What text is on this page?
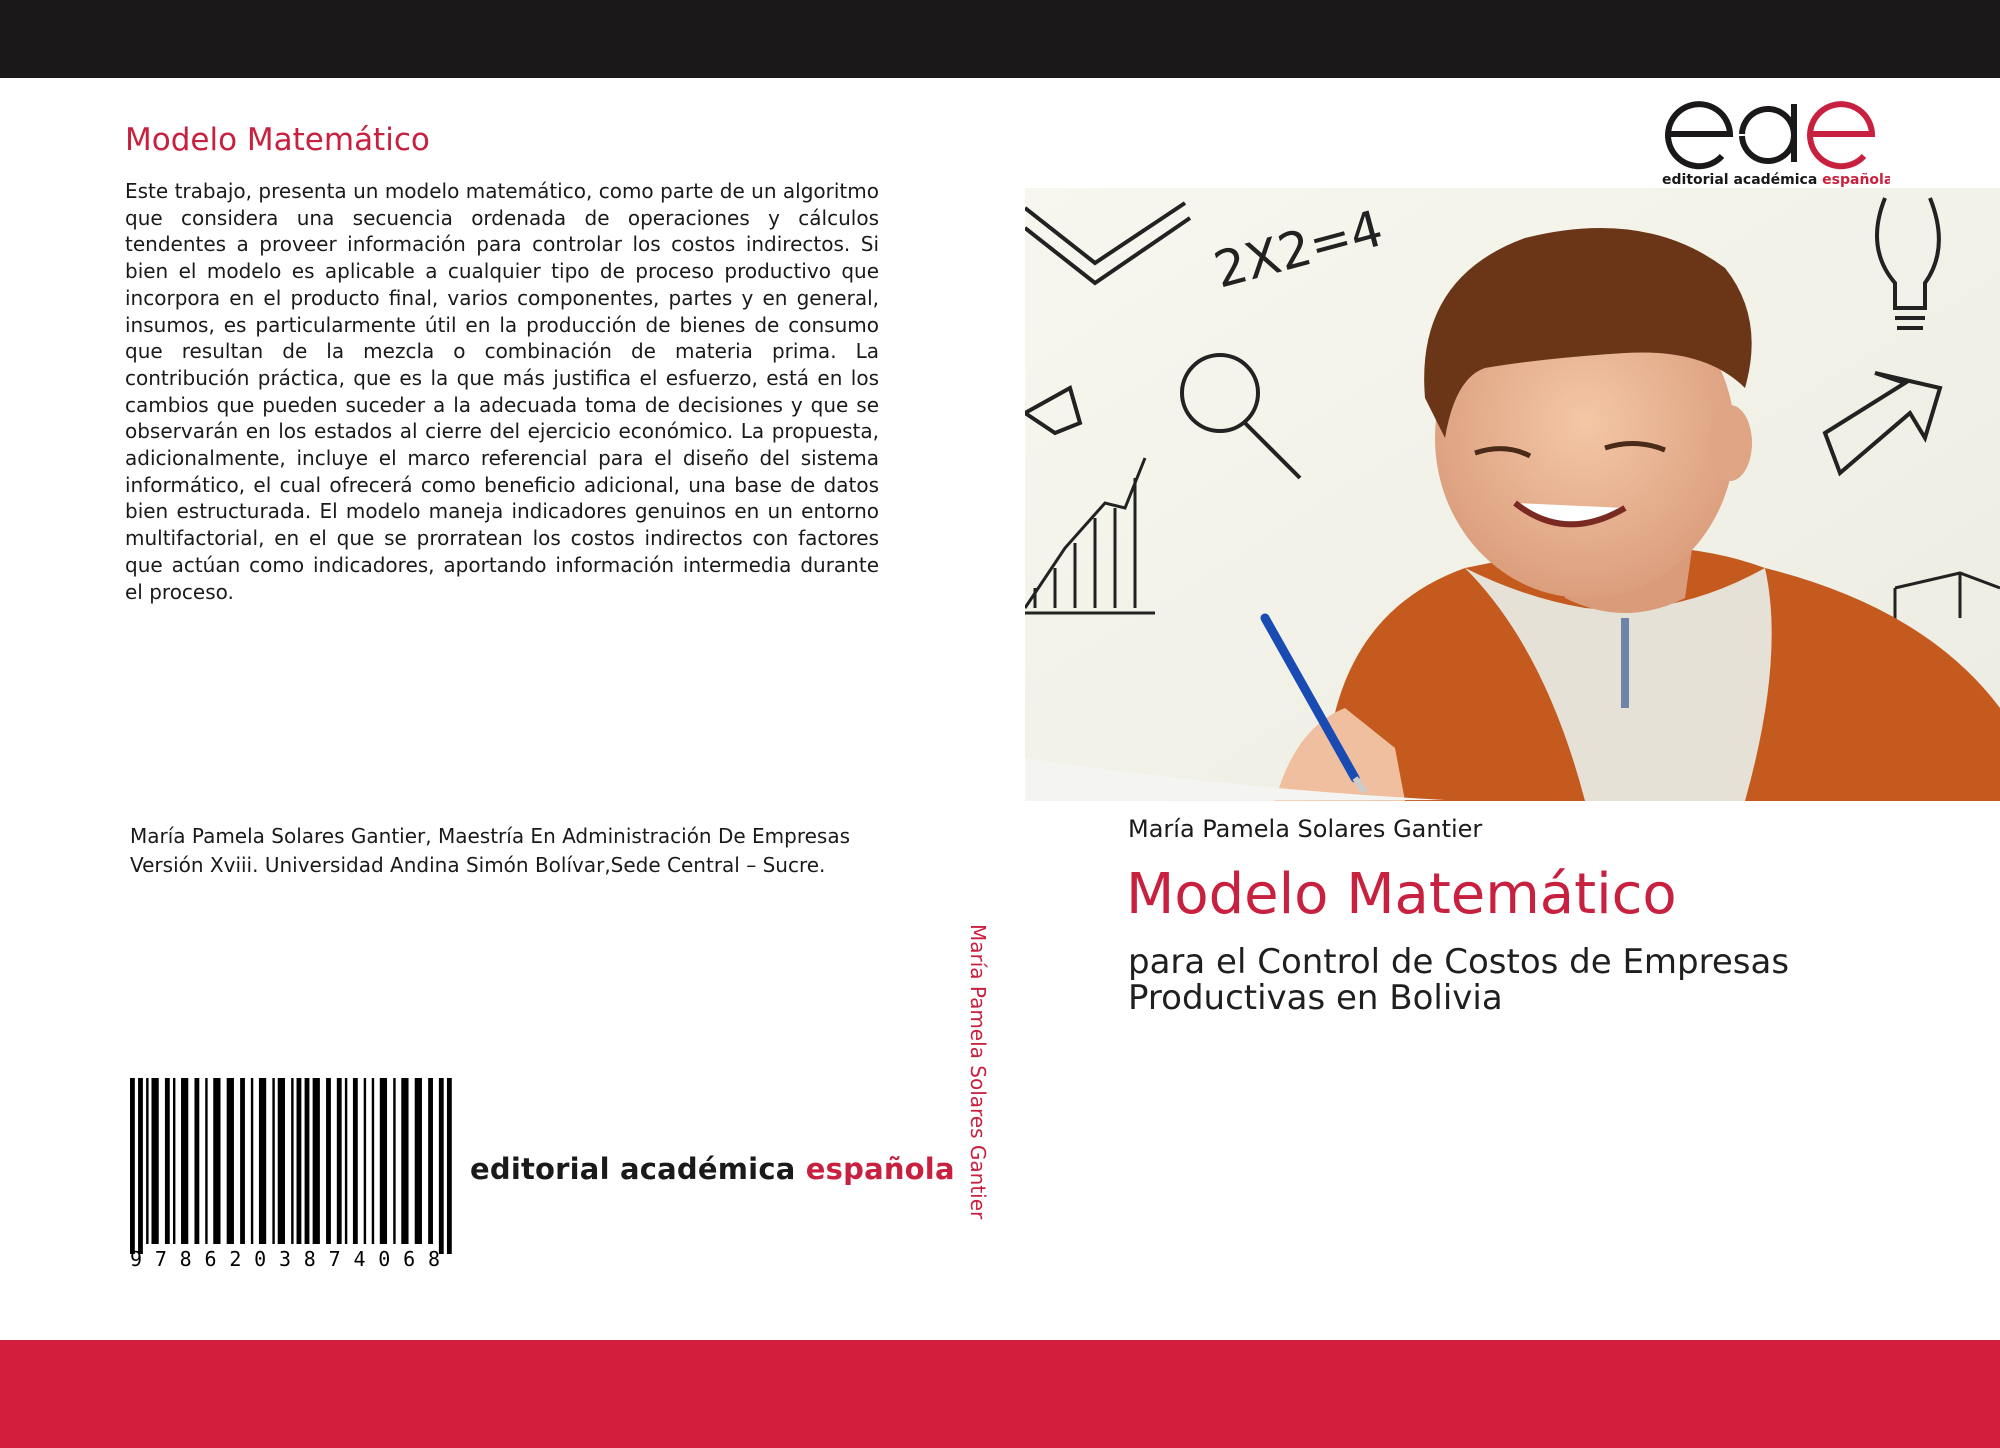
Modelo Matemático
Este trabajo, presenta un modelo matemático, como parte de un algoritmo que considera una secuencia ordenada de operaciones y cálculos tendentes a proveer información para controlar los costos indirectos. Si bien el modelo es aplicable a cualquier tipo de proceso productivo que incorpora en el producto final, varios componentes, partes y en general, insumos, es particularmente útil en la producción de bienes de consumo que resultan de la mezcla o combinación de materia prima. La contribución práctica, que es la que más justifica el esfuerzo, está en los cambios que pueden suceder a la adecuada toma de decisiones y que se observarán en los estados al cierre del ejercicio económico. La propuesta, adicionalmente, incluye el marco referencial para el diseño del sistema informático, el cual ofrecerá como beneficio adicional, una base de datos bien estructurada. El modelo maneja indicadores genuinos en un entorno multifactorial, en el que se prorratean los costos indirectos con factores que actúan como indicadores, aportando información intermedia durante el proceso.
María Pamela Solares Gantier, Maestría En Administración De Empresas Versión Xviii. Universidad Andina Simón Bolívar,Sede Central – Sucre.
9 7 8 6 2 0 3 8 7 4 0 6 8
editorial académica española María Pamela Solares Gantier
editorial académica española
2X2=4
María Pamela Solares Gantier
Modelo Matemático
para el Control de Costos de Empresas Productivas en Bolivia
